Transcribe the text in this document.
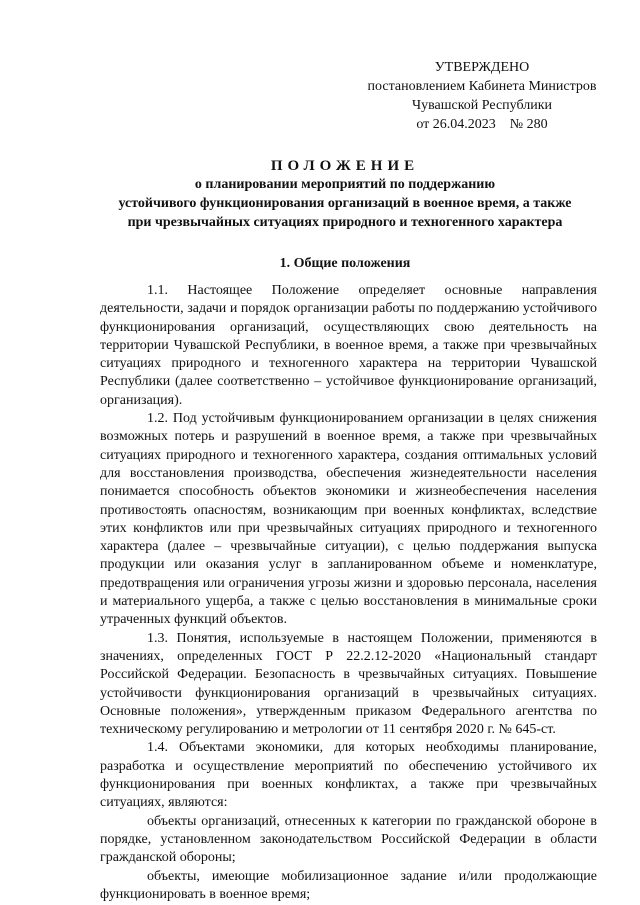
УТВЕРЖДЕНО
постановлением Кабинета Министров
Чувашской Республики
от 26.04.2023    № 280
ПОЛОЖЕНИЕ
о планировании мероприятий по поддержанию
устойчивого функционирования организаций в военное время, а также
при чрезвычайных ситуациях природного и техногенного характера
1. Общие положения

1.1. Настоящее Положение определяет основные направления деятельности, задачи и порядок организации работы по поддержанию устойчивого функционирования организаций, осуществляющих свою деятельность на территории Чувашской Республики, в военное время, а также при чрезвычайных ситуациях природного и техногенного характера на территории Чувашской Республики (далее соответственно – устойчивое функционирование организаций, организация).

1.2. Под устойчивым функционированием организации в целях снижения возможных потерь и разрушений в военное время, а также при чрезвычайных ситуациях природного и техногенного характера, создания оптимальных условий для восстановления производства, обеспечения жизнедеятельности населения понимается способность объектов экономики и жизнеобеспечения населения противостоять опасностям, возникающим при военных конфликтах, вследствие этих конфликтов или при чрезвычайных ситуациях природного и техногенного характера (далее – чрезвычайные ситуации), с целью поддержания выпуска продукции или оказания услуг в запланированном объеме и номенклатуре, предотвращения или ограничения угрозы жизни и здоровью персонала, населения и материального ущерба, а также с целью восстановления в минимальные сроки утраченных функций объектов.

1.3. Понятия, используемые в настоящем Положении, применяются в значениях, определенных ГОСТ Р 22.2.12-2020 «Национальный стандарт Российской Федерации. Безопасность в чрезвычайных ситуациях. Повышение устойчивости функционирования организаций в чрезвычайных ситуациях. Основные положения», утвержденным приказом Федерального агентства по техническому регулированию и метрологии от 11 сентября 2020 г. № 645-ст.

1.4. Объектами экономики, для которых необходимы планирование, разработка и осуществление мероприятий по обеспечению устойчивого их функционирования при военных конфликтах, а также при чрезвычайных ситуациях, являются:

объекты организаций, отнесенных к категории по гражданской обороне в порядке, установленном законодательством Российской Федерации в области гражданской обороны;

объекты, имеющие мобилизационное задание и/или продолжающие функционировать в военное время;
